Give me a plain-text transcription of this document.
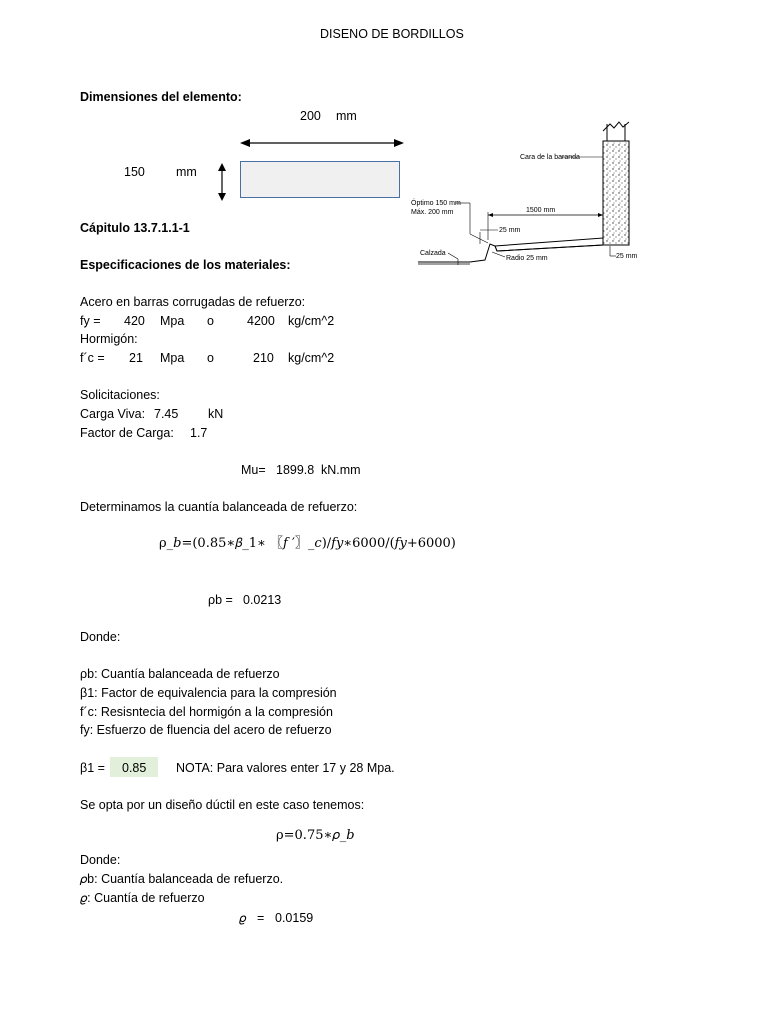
DISENO DE BORDILLOS
Dimensiones del elemento:
200 mm
150 mm
Cápitulo 13.7.1.1-1
Especificaciones de los materiales:
Cara de la baranda
Óptimo 150 mm
Máx. 200 mm	1500 mm
25 mm
Calzada
Radio 25 mm	25 mm
Acero en barras corrugadas de refuerzo:
fy = 420 Mpa o	4200 kg/cm^2
Hormigón:
f´c = 21 Mpa o	210 kg/cm^2
Solicitaciones:
Carga Viva: 7.45 kN
Factor de Carga: 1.7
Mu= 1899.8 kN.mm
Determinamos la cuantía balanceada de refuerzo:
ρ_𝑏=(0.85∗𝛽_1∗ 〖𝑓 ′〗_𝑐)/𝑓𝑦∗6000/(𝑓𝑦+6000)
ρb = 0.0213
Donde:
ρb: Cuantía balanceada de refuerzo
β1: Factor de equivalencia para la compresión
f´c: Resisntecia del hormigón a la compresión
fy: Esfuerzo de fluencia del acero de refuerzo
β1 = 0.85 NOTA: Para valores enter 17 y 28 Mpa.
Se opta por un diseño dúctil en este caso tenemos:
ρ=0.75∗𝜌_𝑏
Donde:
𝜌b: Cuantía balanceada de refuerzo.
𝜚: Cuantía de refuerzo
𝜚 = 0.0159
